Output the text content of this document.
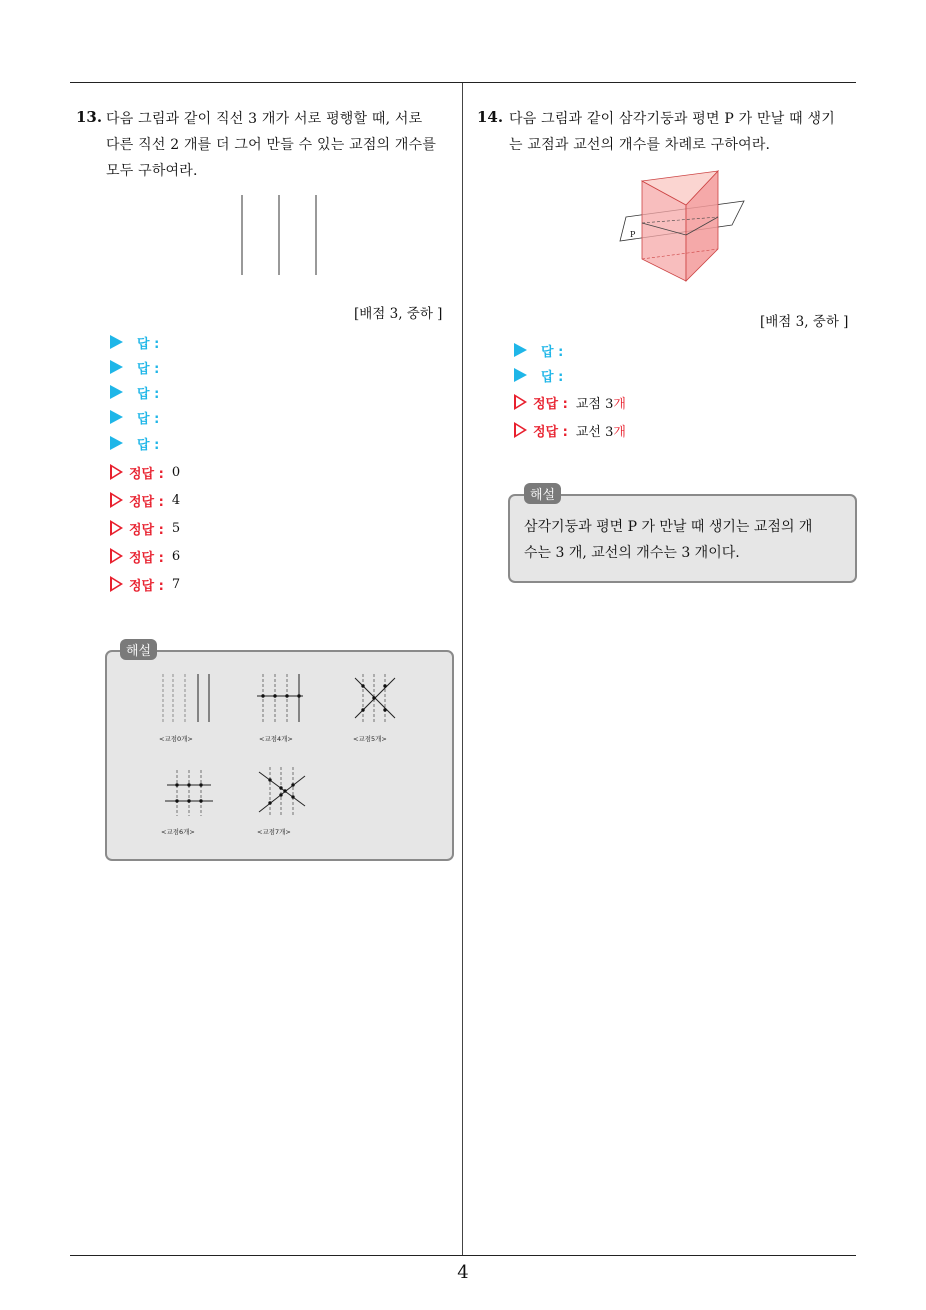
13. 다음 그림과 같이 직선 3 개가 서로 평행할 때, 서로
다른 직선 2 개를 더 그어 만들 수 있는 교점의 개수를
모두 구하여라.
[배점 3, 중하 ]
답 :
답 :
답 :
답 :
답 :
정답 : 0
정답 : 4
정답 : 5
정답 : 6
정답 : 7
<교점0개>	<교점4개>	<교점5개>
<교점6개>	<교점7개>
해설
14. 다음 그림과 같이 삼각기둥과 평면 P 가 만날 때 생기
는 교점과 교선의 개수를 차례로 구하여라.
P
[배점 3, 중하 ]
답 :
답 :
정답 : 교점 3 개
정답 : 교선 3 개
삼각기둥과 평면 P 가 만날 때 생기는 교점의 개
수는 3 개, 교선의 개수는 3 개이다.
해설
4
